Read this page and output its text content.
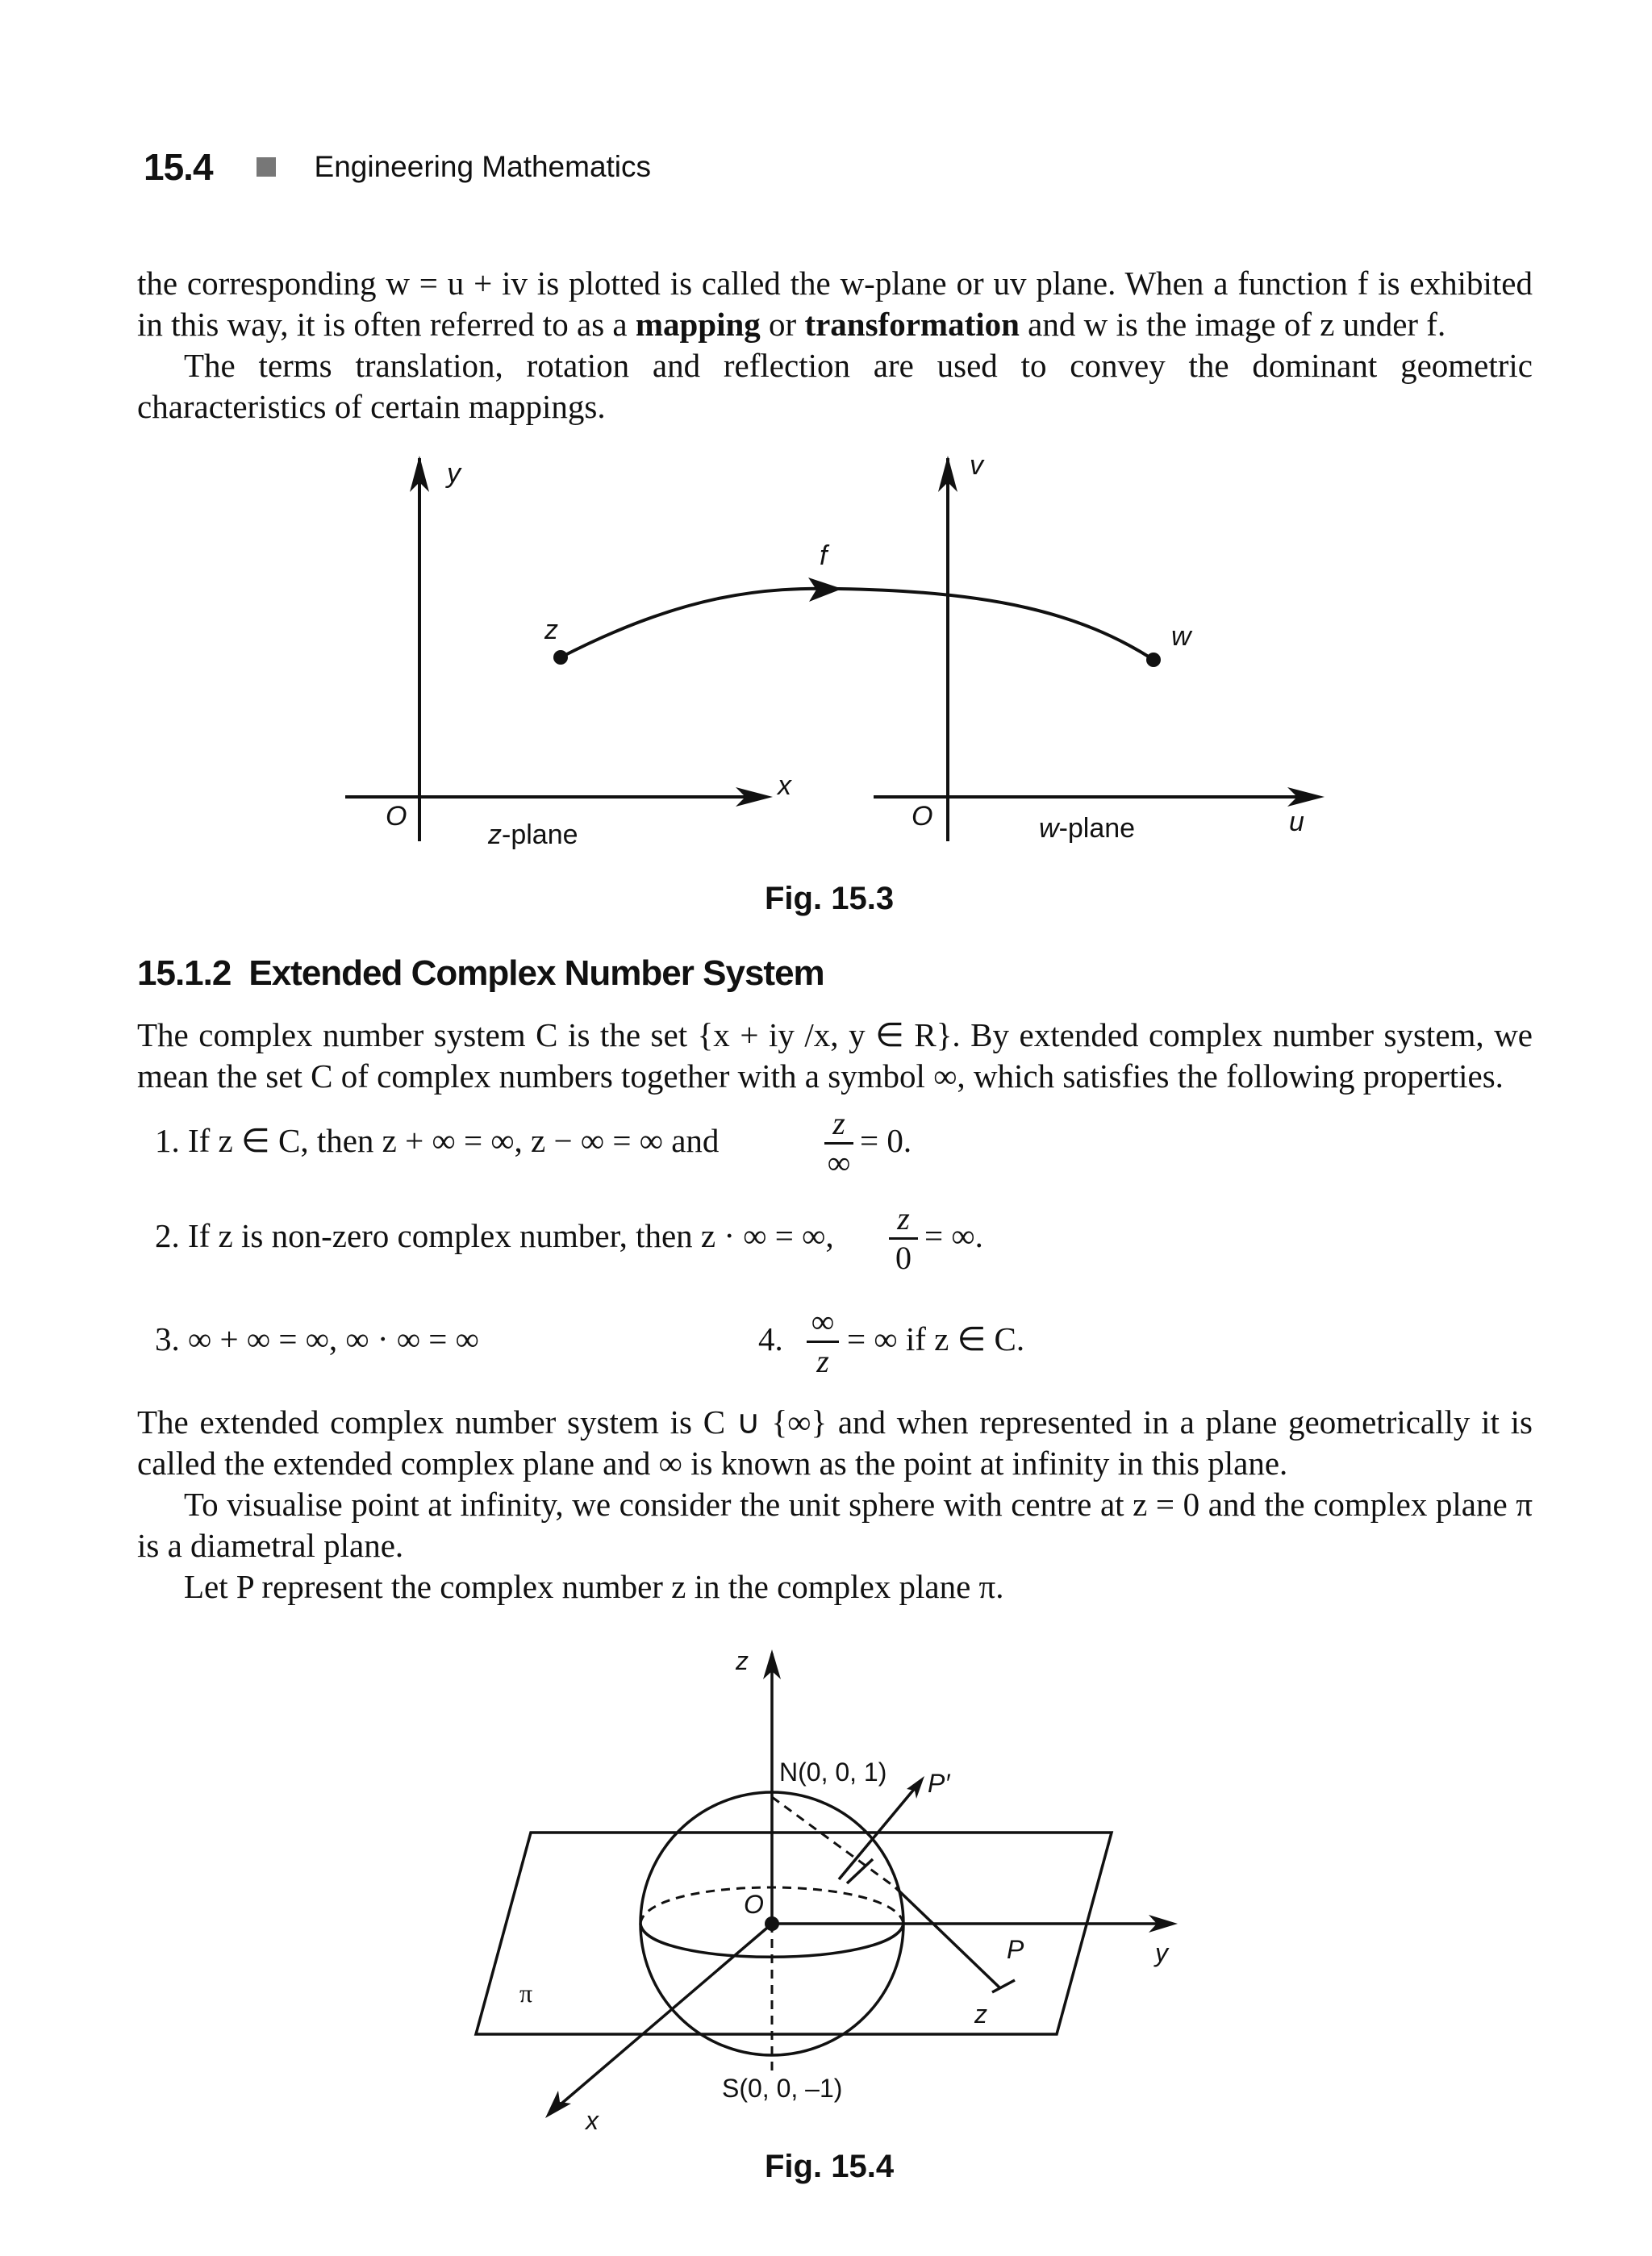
15.4	Engineering Mathematics

the corresponding w = u + iv is plotted is called the w-plane or uv plane. When a function f is exhibited in this way, it is often referred to as a mapping or transformation and w is the image of z under f.

The terms translation, rotation and reflection are used to convey the dominant geometric characteristics of certain mappings.

y	v
f
z	w
x
O	O	u
z-plane	w-plane
Fig. 15.3
15.1.2 Extended Complex Number System

The complex number system C is the set {x + iy /x, y ∈ R}. By extended complex number system, we mean the set C of complex numbers together with a symbol ∞, which satisfies the following properties.

1. If z ∈ C, then z + ∞ = ∞, z − ∞ = ∞ and	z
∞
= 0.
2. If z is non-zero complex number, then z · ∞ = ∞, z
0
= ∞.
3. ∞ + ∞ = ∞, ∞ · ∞ = ∞	4. ∞
z
= ∞ if z ∈ C.

The extended complex number system is C ∪ {∞} and when represented in a plane geometrically it is called the extended complex plane and ∞ is known as the point at infinity in this plane.

To visualise point at infinity, we consider the unit sphere with centre at z = 0 and the complex plane π is a diametral plane.

Let P represent the complex number z in the complex plane π.

z
N(0, 0, 1) P′
O
P	y
π
z
S(0, 0, –1)
x
Fig. 15.4
